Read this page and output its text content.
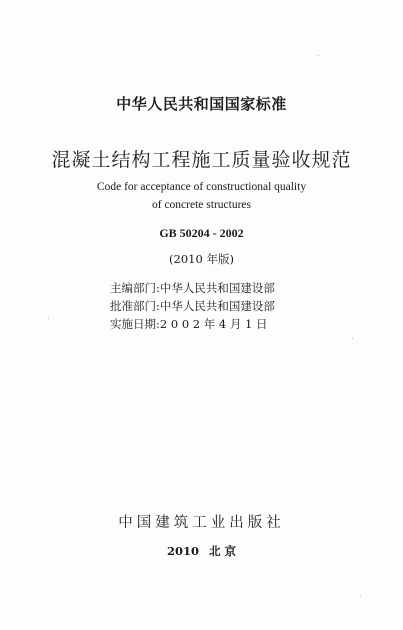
中华人民共和国国家标准
混凝土结构工程施工质量验收规范
Code for acceptance of constructional quality
of concrete structures
GB 50204 - 2002
(2010 年版)
主编部门:中华人民共和国建设部
批准部门:中华人民共和国建设部
实施日期:2 0 0 2 年 4 月 1 日
中国建筑工业出版社
2010 北 京
